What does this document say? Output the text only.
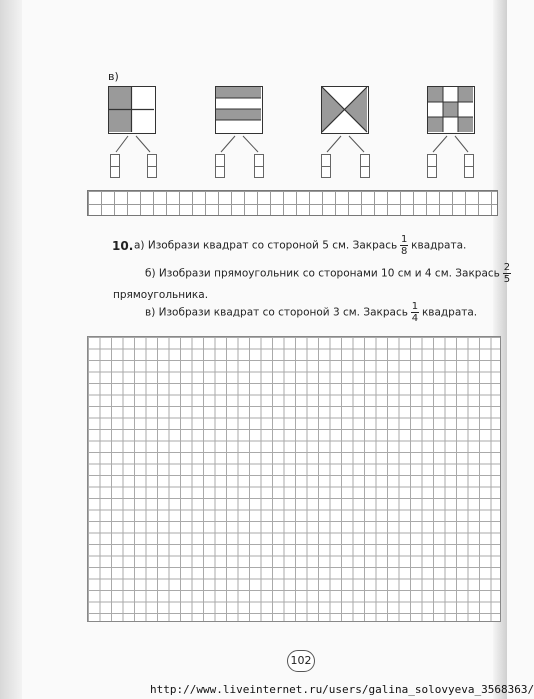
в)
10. а) Изобрази квадрат со стороной 5 см. Закрась $\frac{1}{8}$ квадрата.
б) Изобрази прямоугольник со сторонами 10 см и 4 см. Закрась $\frac{2}{5}$
прямоугольника.
в) Изобрази квадрат со стороной 3 см. Закрась $\frac{1}{4}$ квадрата.
102
http://www.liveinternet.ru/users/galina_solovyeva_3568363/
